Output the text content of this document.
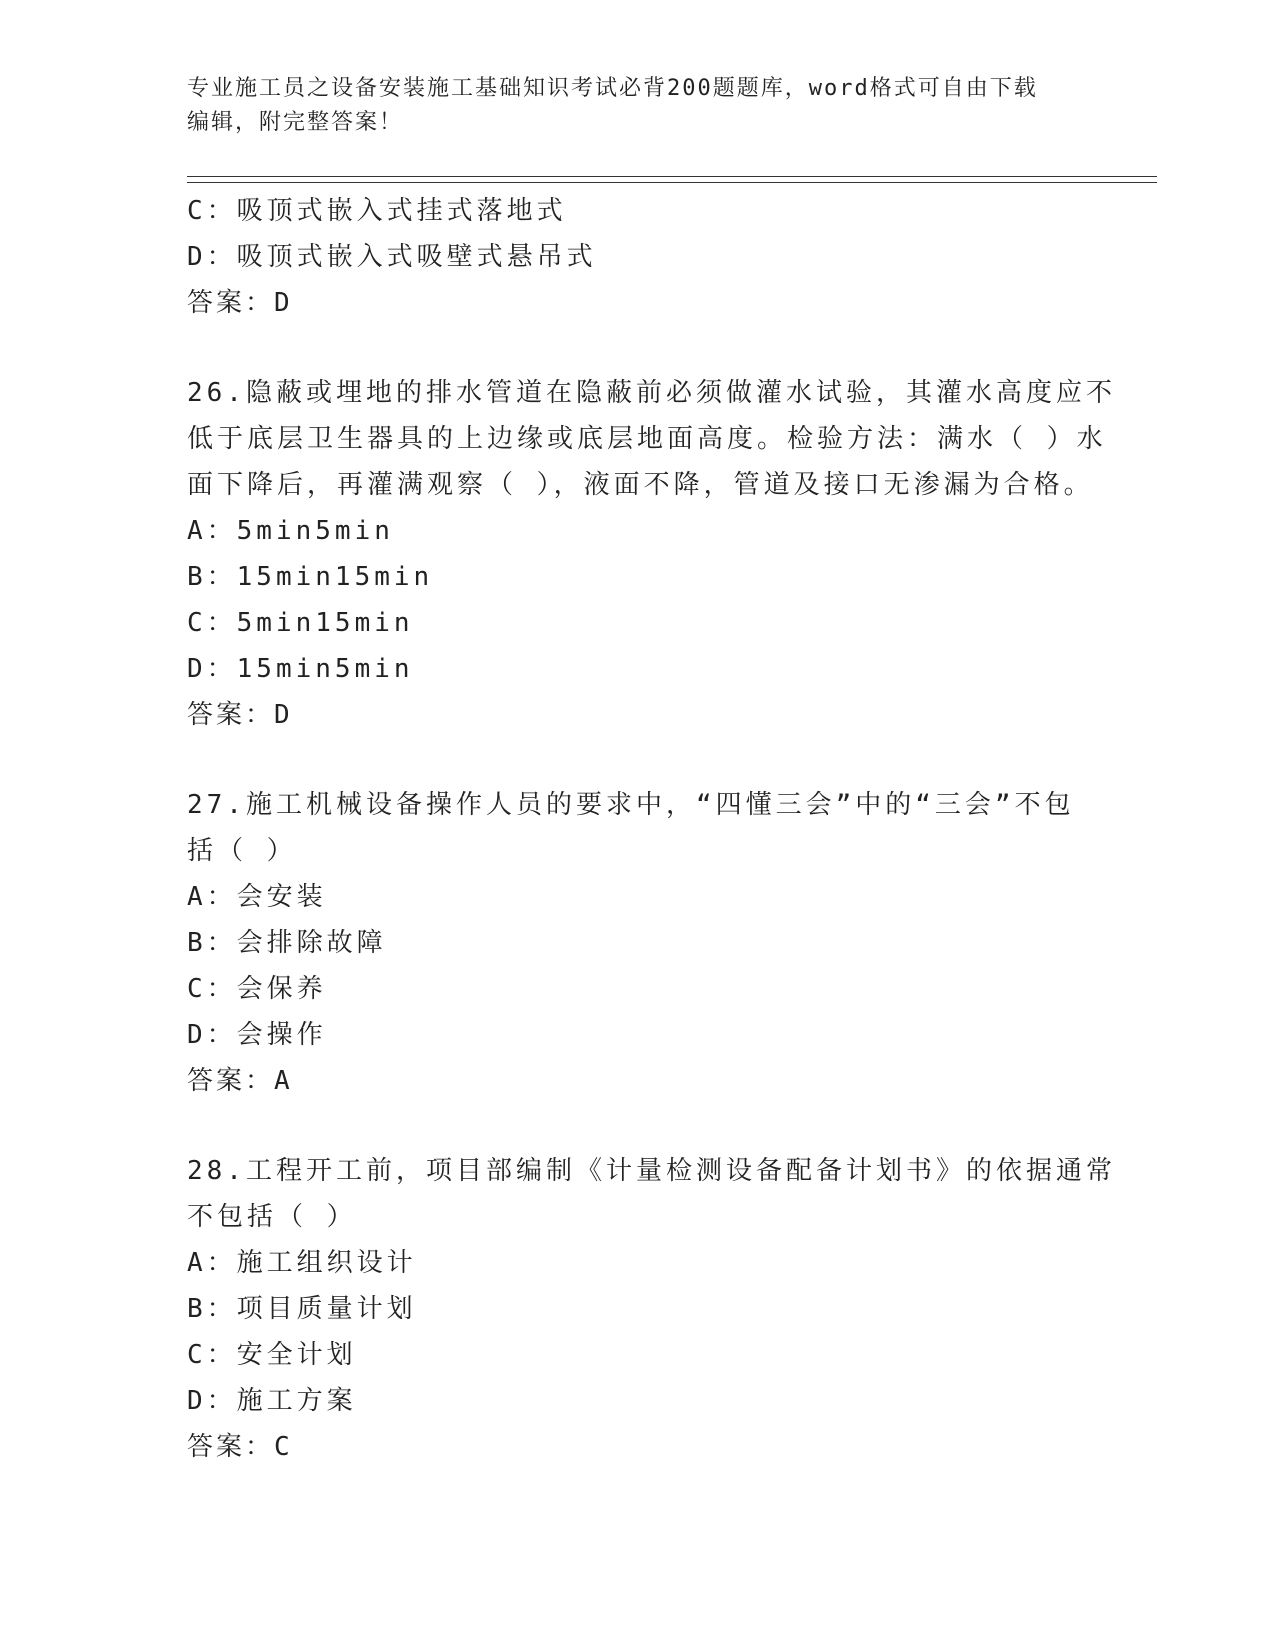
专业施工员之设备安装施工基础知识考试必背200题题库，word格式可自由下载
编辑，附完整答案！
C：吸顶式嵌入式挂式落地式
D：吸顶式嵌入式吸壁式悬吊式
答案：D
26.隐蔽或埋地的排水管道在隐蔽前必须做灌水试验，其灌水高度应不
低于底层卫生器具的上边缘或底层地面高度。检验方法：满水（ ）水
面下降后，再灌满观察（ ），液面不降，管道及接口无渗漏为合格。
A：5min5min
B：15min15min
C：5min15min
D：15min5min
答案：D
27.施工机械设备操作人员的要求中，“四懂三会”中的“三会”不包
括（ ）
A：会安装
B：会排除故障
C：会保养
D：会操作
答案：A
28.工程开工前，项目部编制《计量检测设备配备计划书》的依据通常
不包括（ ）
A：施工组织设计
B：项目质量计划
C：安全计划
D：施工方案
答案：C
